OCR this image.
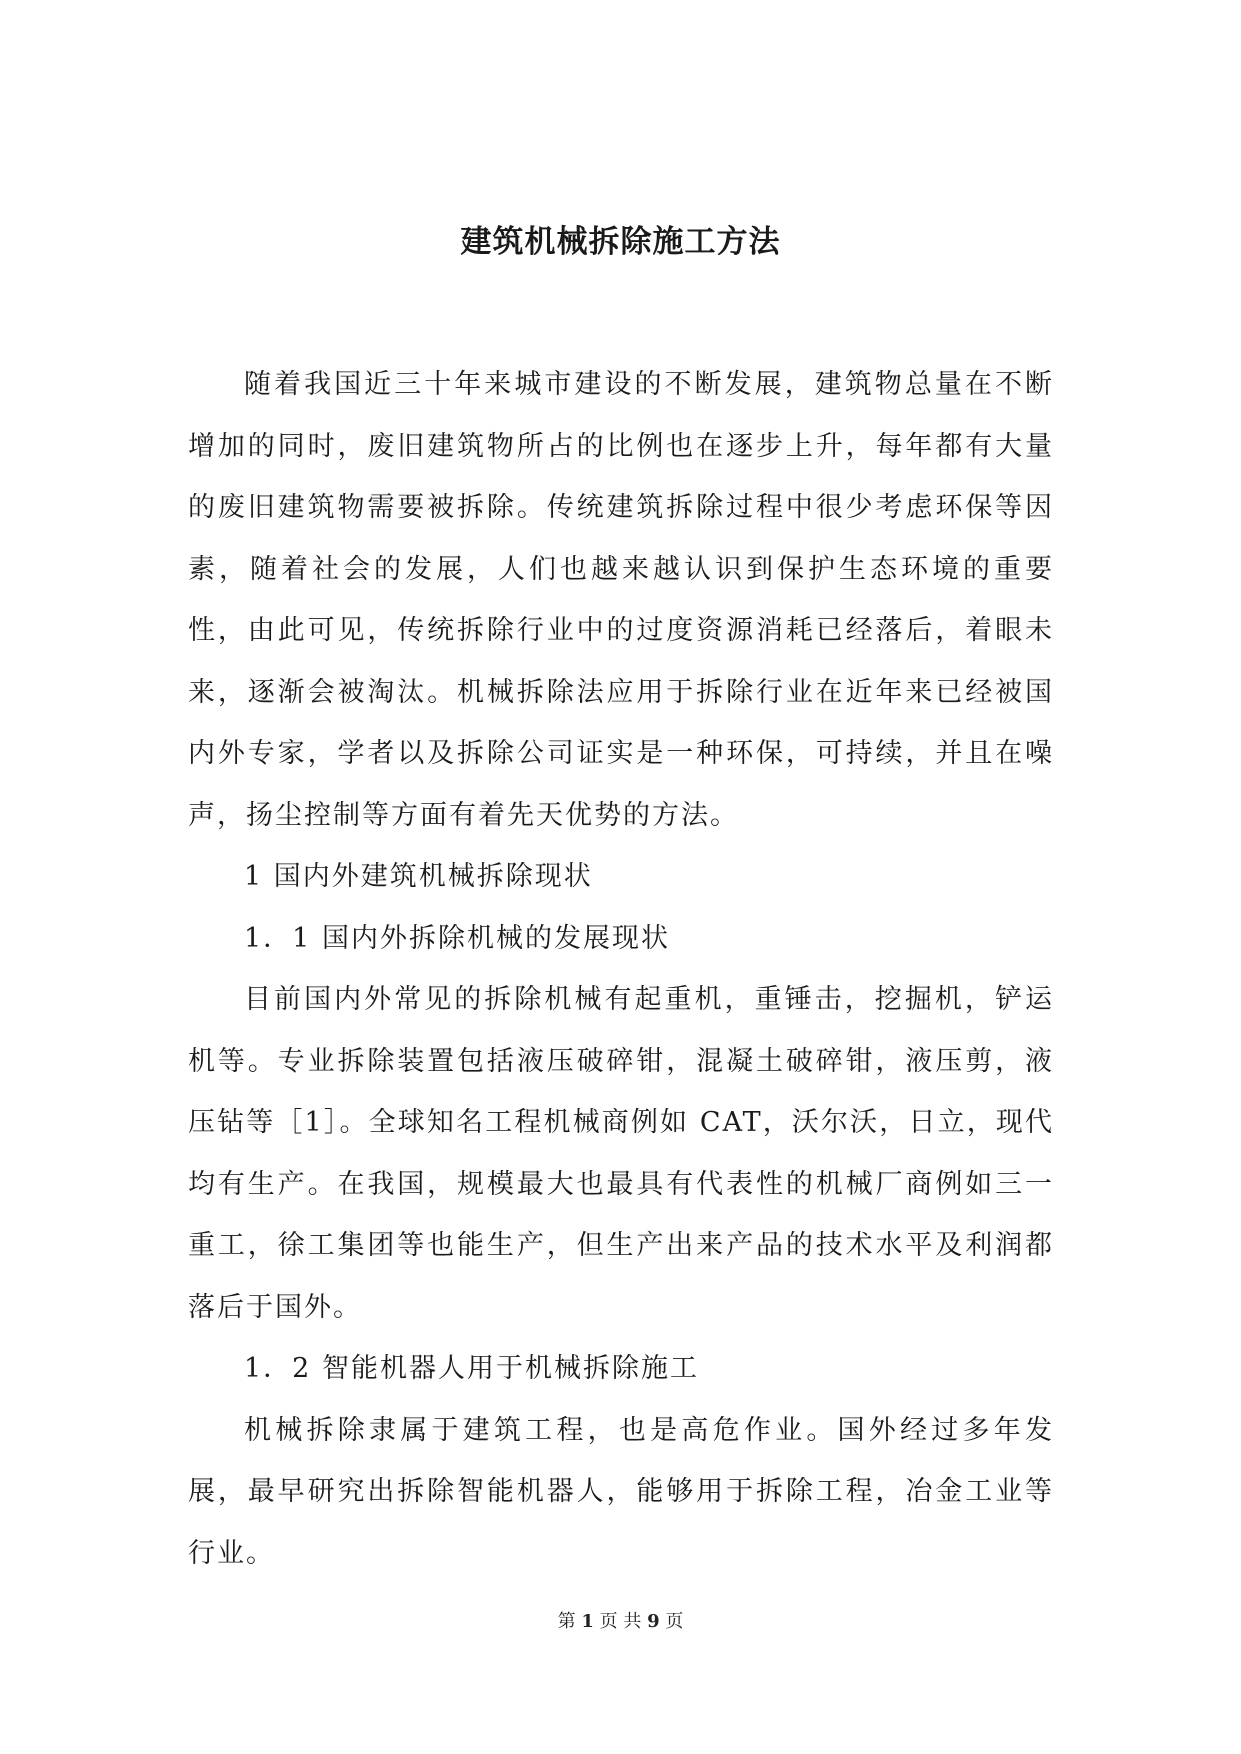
建筑机械拆除施工方法

随着我国近三十年来城市建设的不断发展，建筑物总量在不断增加的同时，废旧建筑物所占的比例也在逐步上升，每年都有大量的废旧建筑物需要被拆除。传统建筑拆除过程中很少考虑环保等因素，随着社会的发展，人们也越来越认识到保护生态环境的重要性，由此可见，传统拆除行业中的过度资源消耗已经落后，着眼未来，逐渐会被淘汰。机械拆除法应用于拆除行业在近年来已经被国内外专家，学者以及拆除公司证实是一种环保，可持续，并且在噪声，扬尘控制等方面有着先天优势的方法。

1 国内外建筑机械拆除现状

1．1 国内外拆除机械的发展现状

目前国内外常见的拆除机械有起重机，重锤击，挖掘机，铲运机等。专业拆除装置包括液压破碎钳，混凝土破碎钳，液压剪，液压钻等［1］。全球知名工程机械商例如 CAT，沃尔沃，日立，现代均有生产。在我国，规模最大也最具有代表性的机械厂商例如三一重工，徐工集团等也能生产，但生产出来产品的技术水平及利润都落后于国外。

1．2 智能机器人用于机械拆除施工

机械拆除隶属于建筑工程，也是高危作业。国外经过多年发展，最早研究出拆除智能机器人，能够用于拆除工程，冶金工业等行业。

第 1 页 共 9 页
